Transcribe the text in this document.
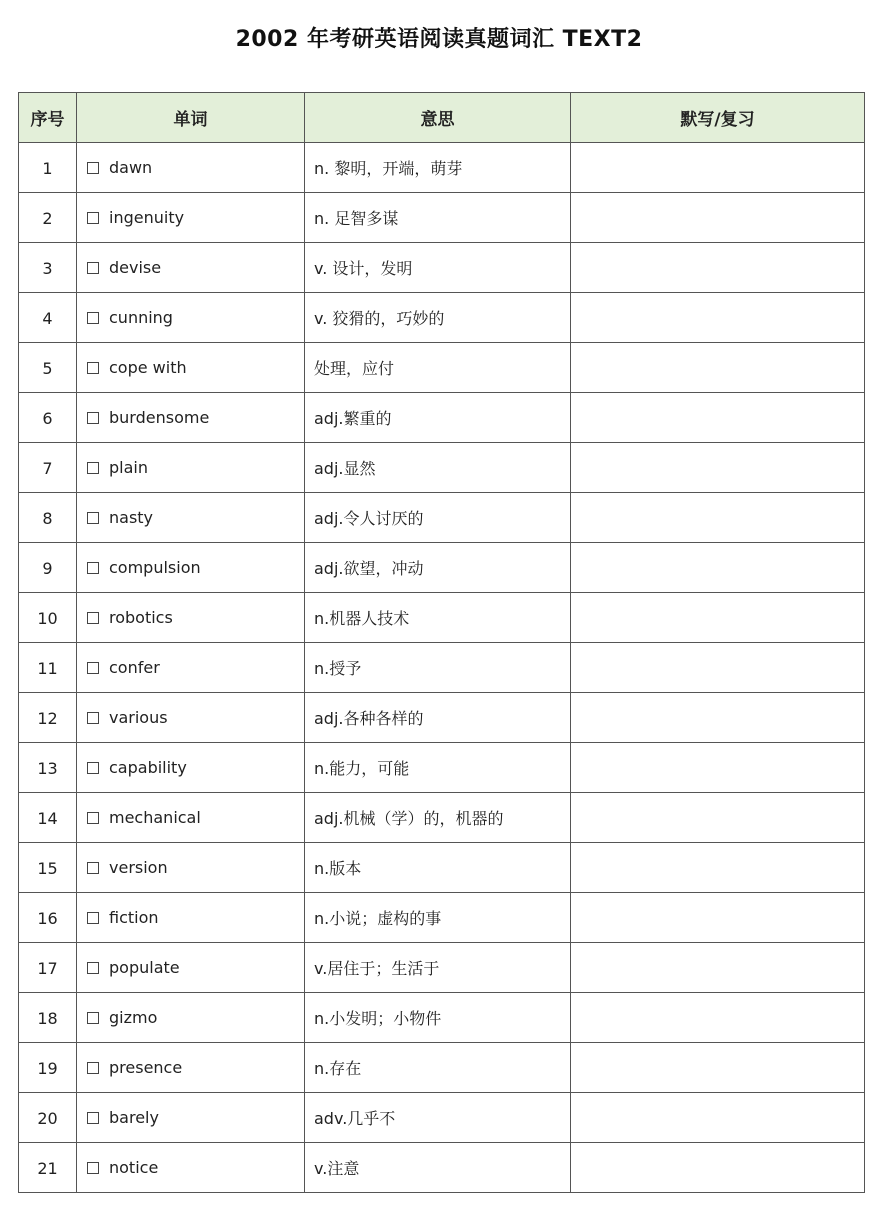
2002 年考研英语阅读真题词汇 TEXT2
序号	单词	意思	默写/复习
1	dawn	n. 黎明，开端，萌芽	
2	ingenuity	n. 足智多谋	
3	devise	v. 设计，发明	
4	cunning	v. 狡猾的，巧妙的	
5	cope with	处理，应付	
6	burdensome	adj.繁重的	
7	plain	adj.显然	
8	nasty	adj.令人讨厌的	
9	compulsion	adj.欲望，冲动	
10	robotics	n.机器人技术	
11	confer	n.授予	
12	various	adj.各种各样的	
13	capability	n.能力，可能	
14	mechanical	adj.机械（学）的，机器的	
15	version	n.版本	
16	fiction	n.小说；虚构的事	
17	populate	v.居住于；生活于	
18	gizmo	n.小发明；小物件	
19	presence	n.存在	
20	barely	adv.几乎不	
21	notice	v.注意	
